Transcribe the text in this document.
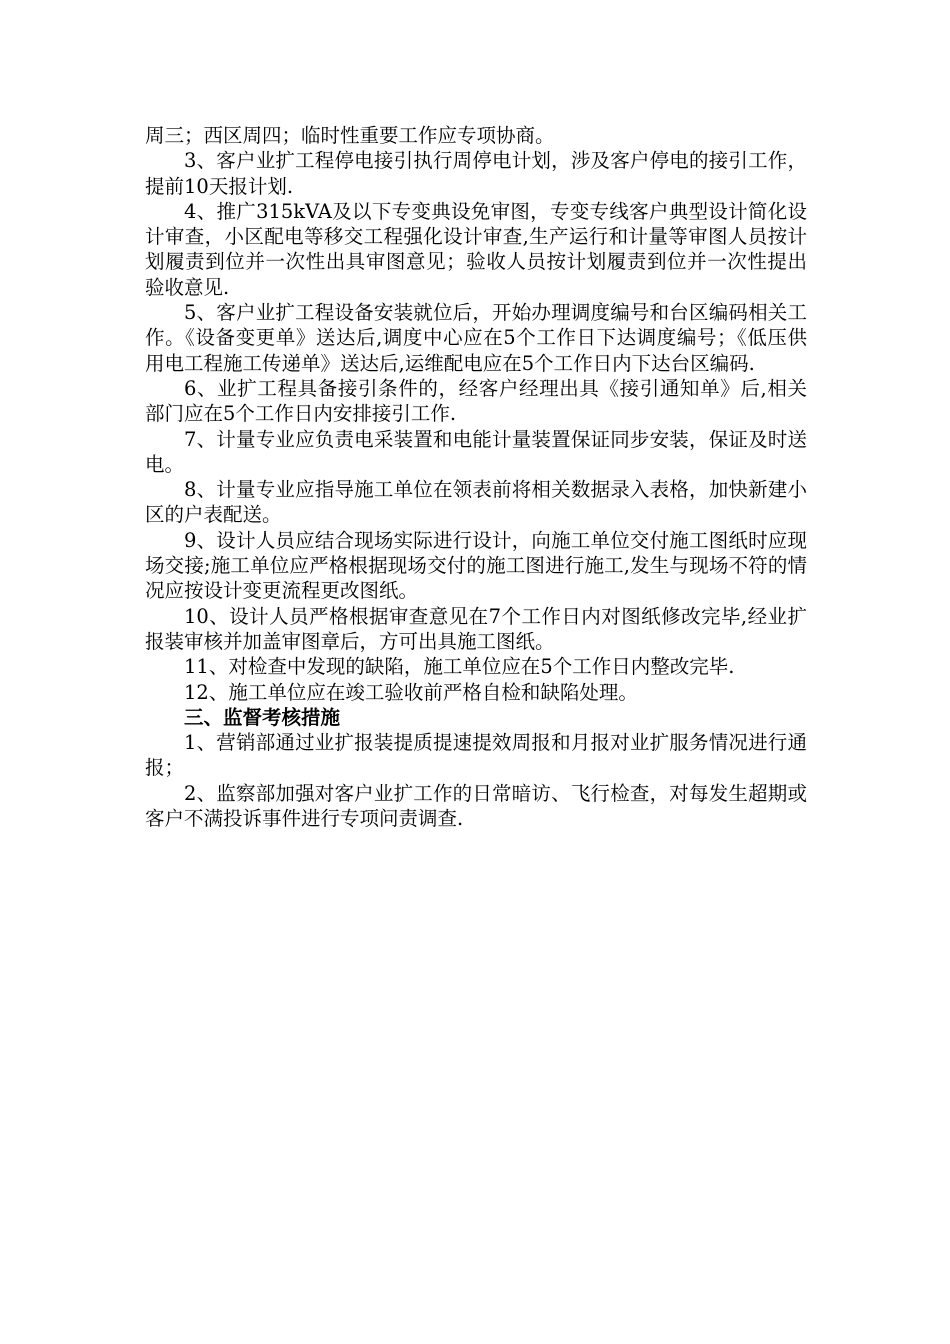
周三；西区周四；临时性重要工作应专项协商。

3、客户业扩工程停电接引执行周停电计划，涉及客户停电的接引工作，提前10天报计划.

4、推广315kVA及以下专变典设免审图，专变专线客户典型设计简化设计审查，小区配电等移交工程强化设计审查,生产运行和计量等审图人员按计划履责到位并一次性出具审图意见；验收人员按计划履责到位并一次性提出验收意见.

5、客户业扩工程设备安装就位后，开始办理调度编号和台区编码相关工作。《设备变更单》送达后,调度中心应在5个工作日下达调度编号；《低压供用电工程施工传递单》送达后,运维配电应在5个工作日内下达台区编码.

6、业扩工程具备接引条件的，经客户经理出具《接引通知单》后,相关部门应在5个工作日内安排接引工作.

7、计量专业应负责电采装置和电能计量装置保证同步安装，保证及时送电。

8、计量专业应指导施工单位在领表前将相关数据录入表格，加快新建小区的户表配送。

9、设计人员应结合现场实际进行设计，向施工单位交付施工图纸时应现场交接;施工单位应严格根据现场交付的施工图进行施工,发生与现场不符的情况应按设计变更流程更改图纸。

10、设计人员严格根据审查意见在7个工作日内对图纸修改完毕,经业扩报装审核并加盖审图章后，方可出具施工图纸。

11、对检查中发现的缺陷，施工单位应在5个工作日内整改完毕.

12、施工单位应在竣工验收前严格自检和缺陷处理。

三、监督考核措施

1、营销部通过业扩报装提质提速提效周报和月报对业扩服务情况进行通报；

2、监察部加强对客户业扩工作的日常暗访、飞行检查，对每发生超期或客户不满投诉事件进行专项问责调查.
